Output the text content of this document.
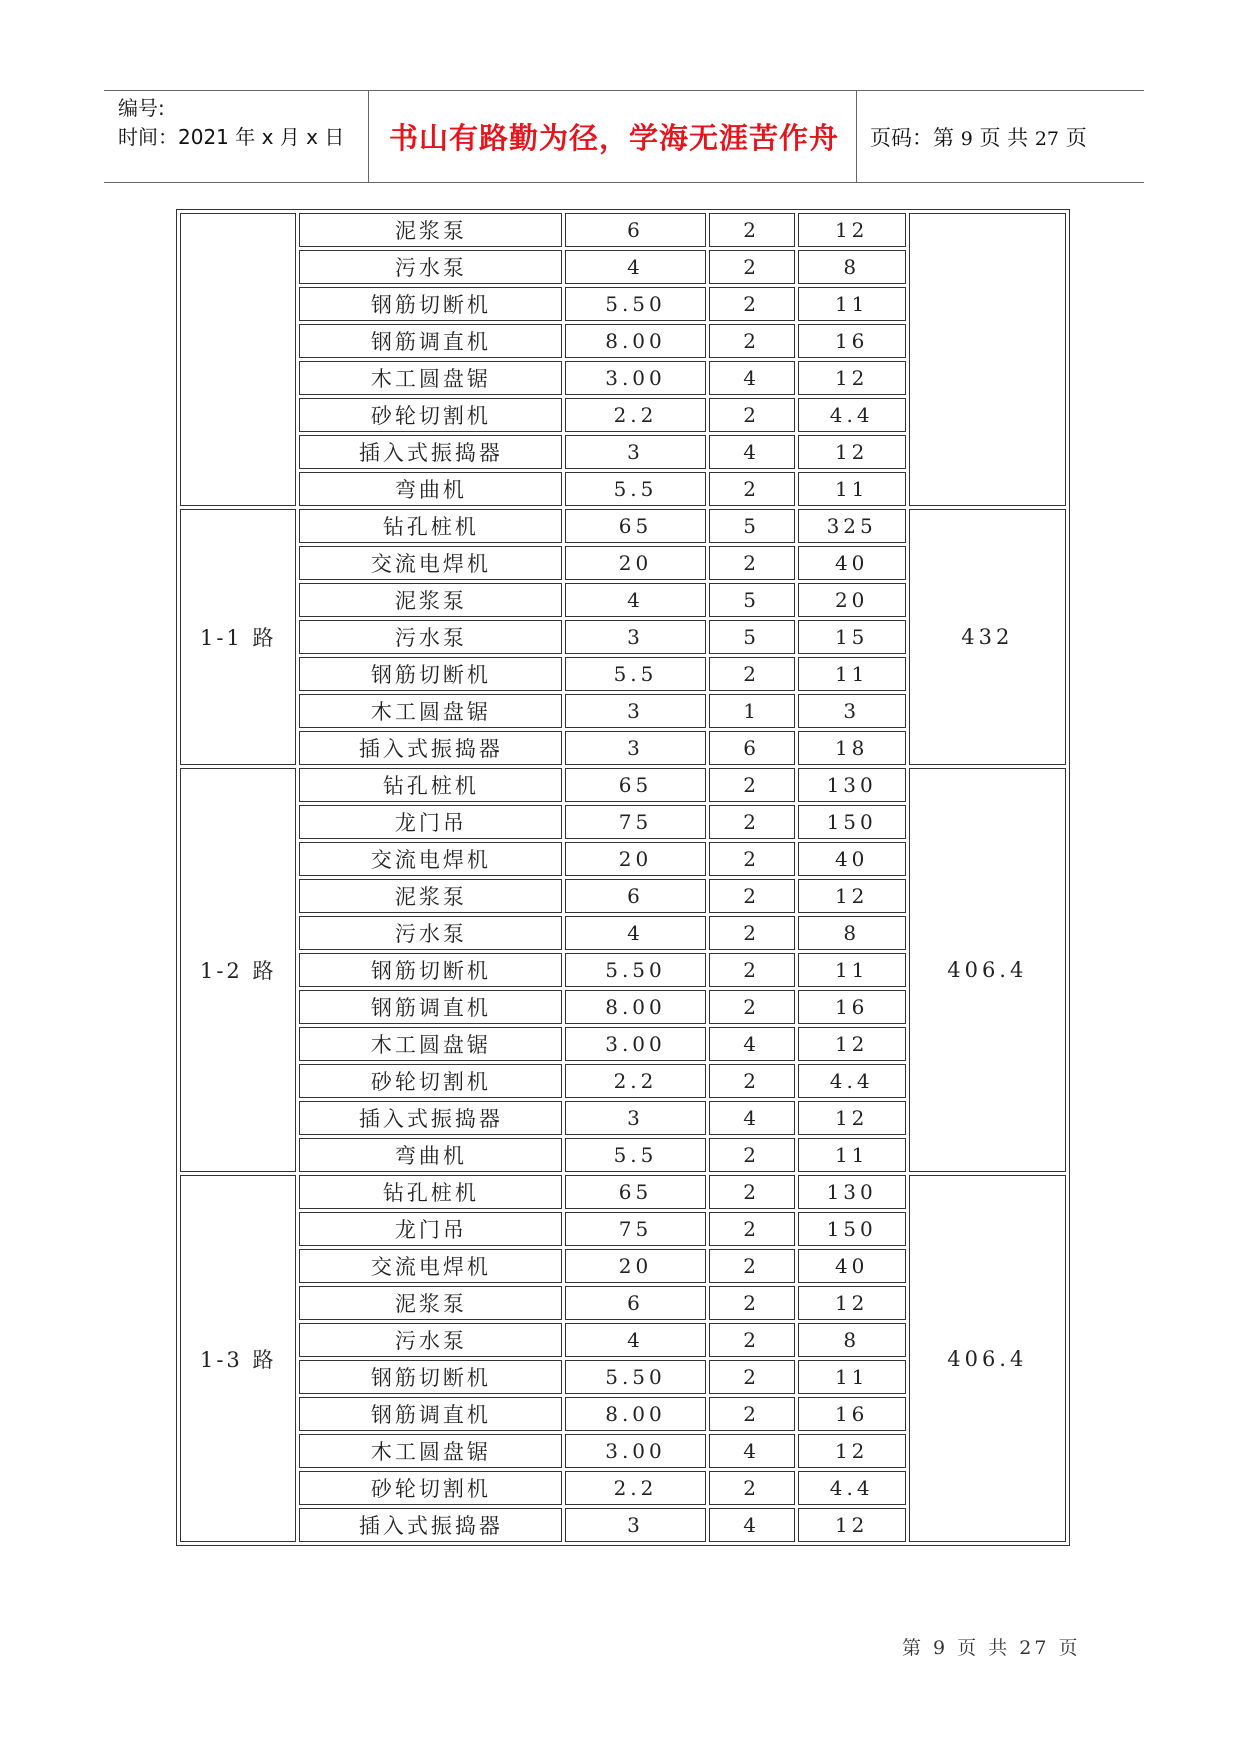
编号:
时间：2021 年 x 月 x 日	书山有路勤为径，学海无涯苦作舟	页码：第 9 页 共 27 页
	泥浆泵	6	2	12	
	污水泵	4	2	8	
	钢筋切断机	5.50	2	11	
	钢筋调直机	8.00	2	16	
	木工圆盘锯	3.00	4	12	
	砂轮切割机	2.2	2	4.4	
	插入式振捣器	3	4	12	
	弯曲机	5.5	2	11	
1-1 路	钻孔桩机	65	5	325	432
	交流电焊机	20	2	40	
	泥浆泵	4	5	20	
	污水泵	3	5	15	
	钢筋切断机	5.5	2	11	
	木工圆盘锯	3	1	3	
	插入式振捣器	3	6	18	
1-2 路	钻孔桩机	65	2	130	406.4
	龙门吊	75	2	150	
	交流电焊机	20	2	40	
	泥浆泵	6	2	12	
	污水泵	4	2	8	
	钢筋切断机	5.50	2	11	
	钢筋调直机	8.00	2	16	
	木工圆盘锯	3.00	4	12	
	砂轮切割机	2.2	2	4.4	
	插入式振捣器	3	4	12	
	弯曲机	5.5	2	11	
1-3 路	钻孔桩机	65	2	130	406.4
	龙门吊	75	2	150	
	交流电焊机	20	2	40	
	泥浆泵	6	2	12	
	污水泵	4	2	8	
	钢筋切断机	5.50	2	11	
	钢筋调直机	8.00	2	16	
	木工圆盘锯	3.00	4	12	
	砂轮切割机	2.2	2	4.4	
	插入式振捣器	3	4	12	
第 9 页 共 27 页
